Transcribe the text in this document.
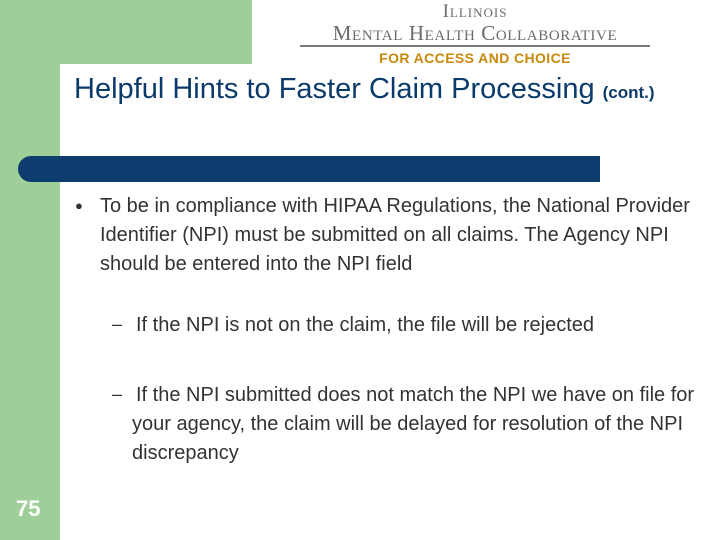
Illinois
Mental Health Collaborative
FOR ACCESS AND CHOICE
Helpful Hints to Faster Claim Processing (cont.)
● To be in compliance with HIPAA Regulations, the National Provider Identifier (NPI) must be submitted on all claims. The Agency NPI should be entered into the NPI field
– If the NPI is not on the claim, the file will be rejected
– If the NPI submitted does not match the NPI we have on file for your agency, the claim will be delayed for resolution of the NPI discrepancy
75
